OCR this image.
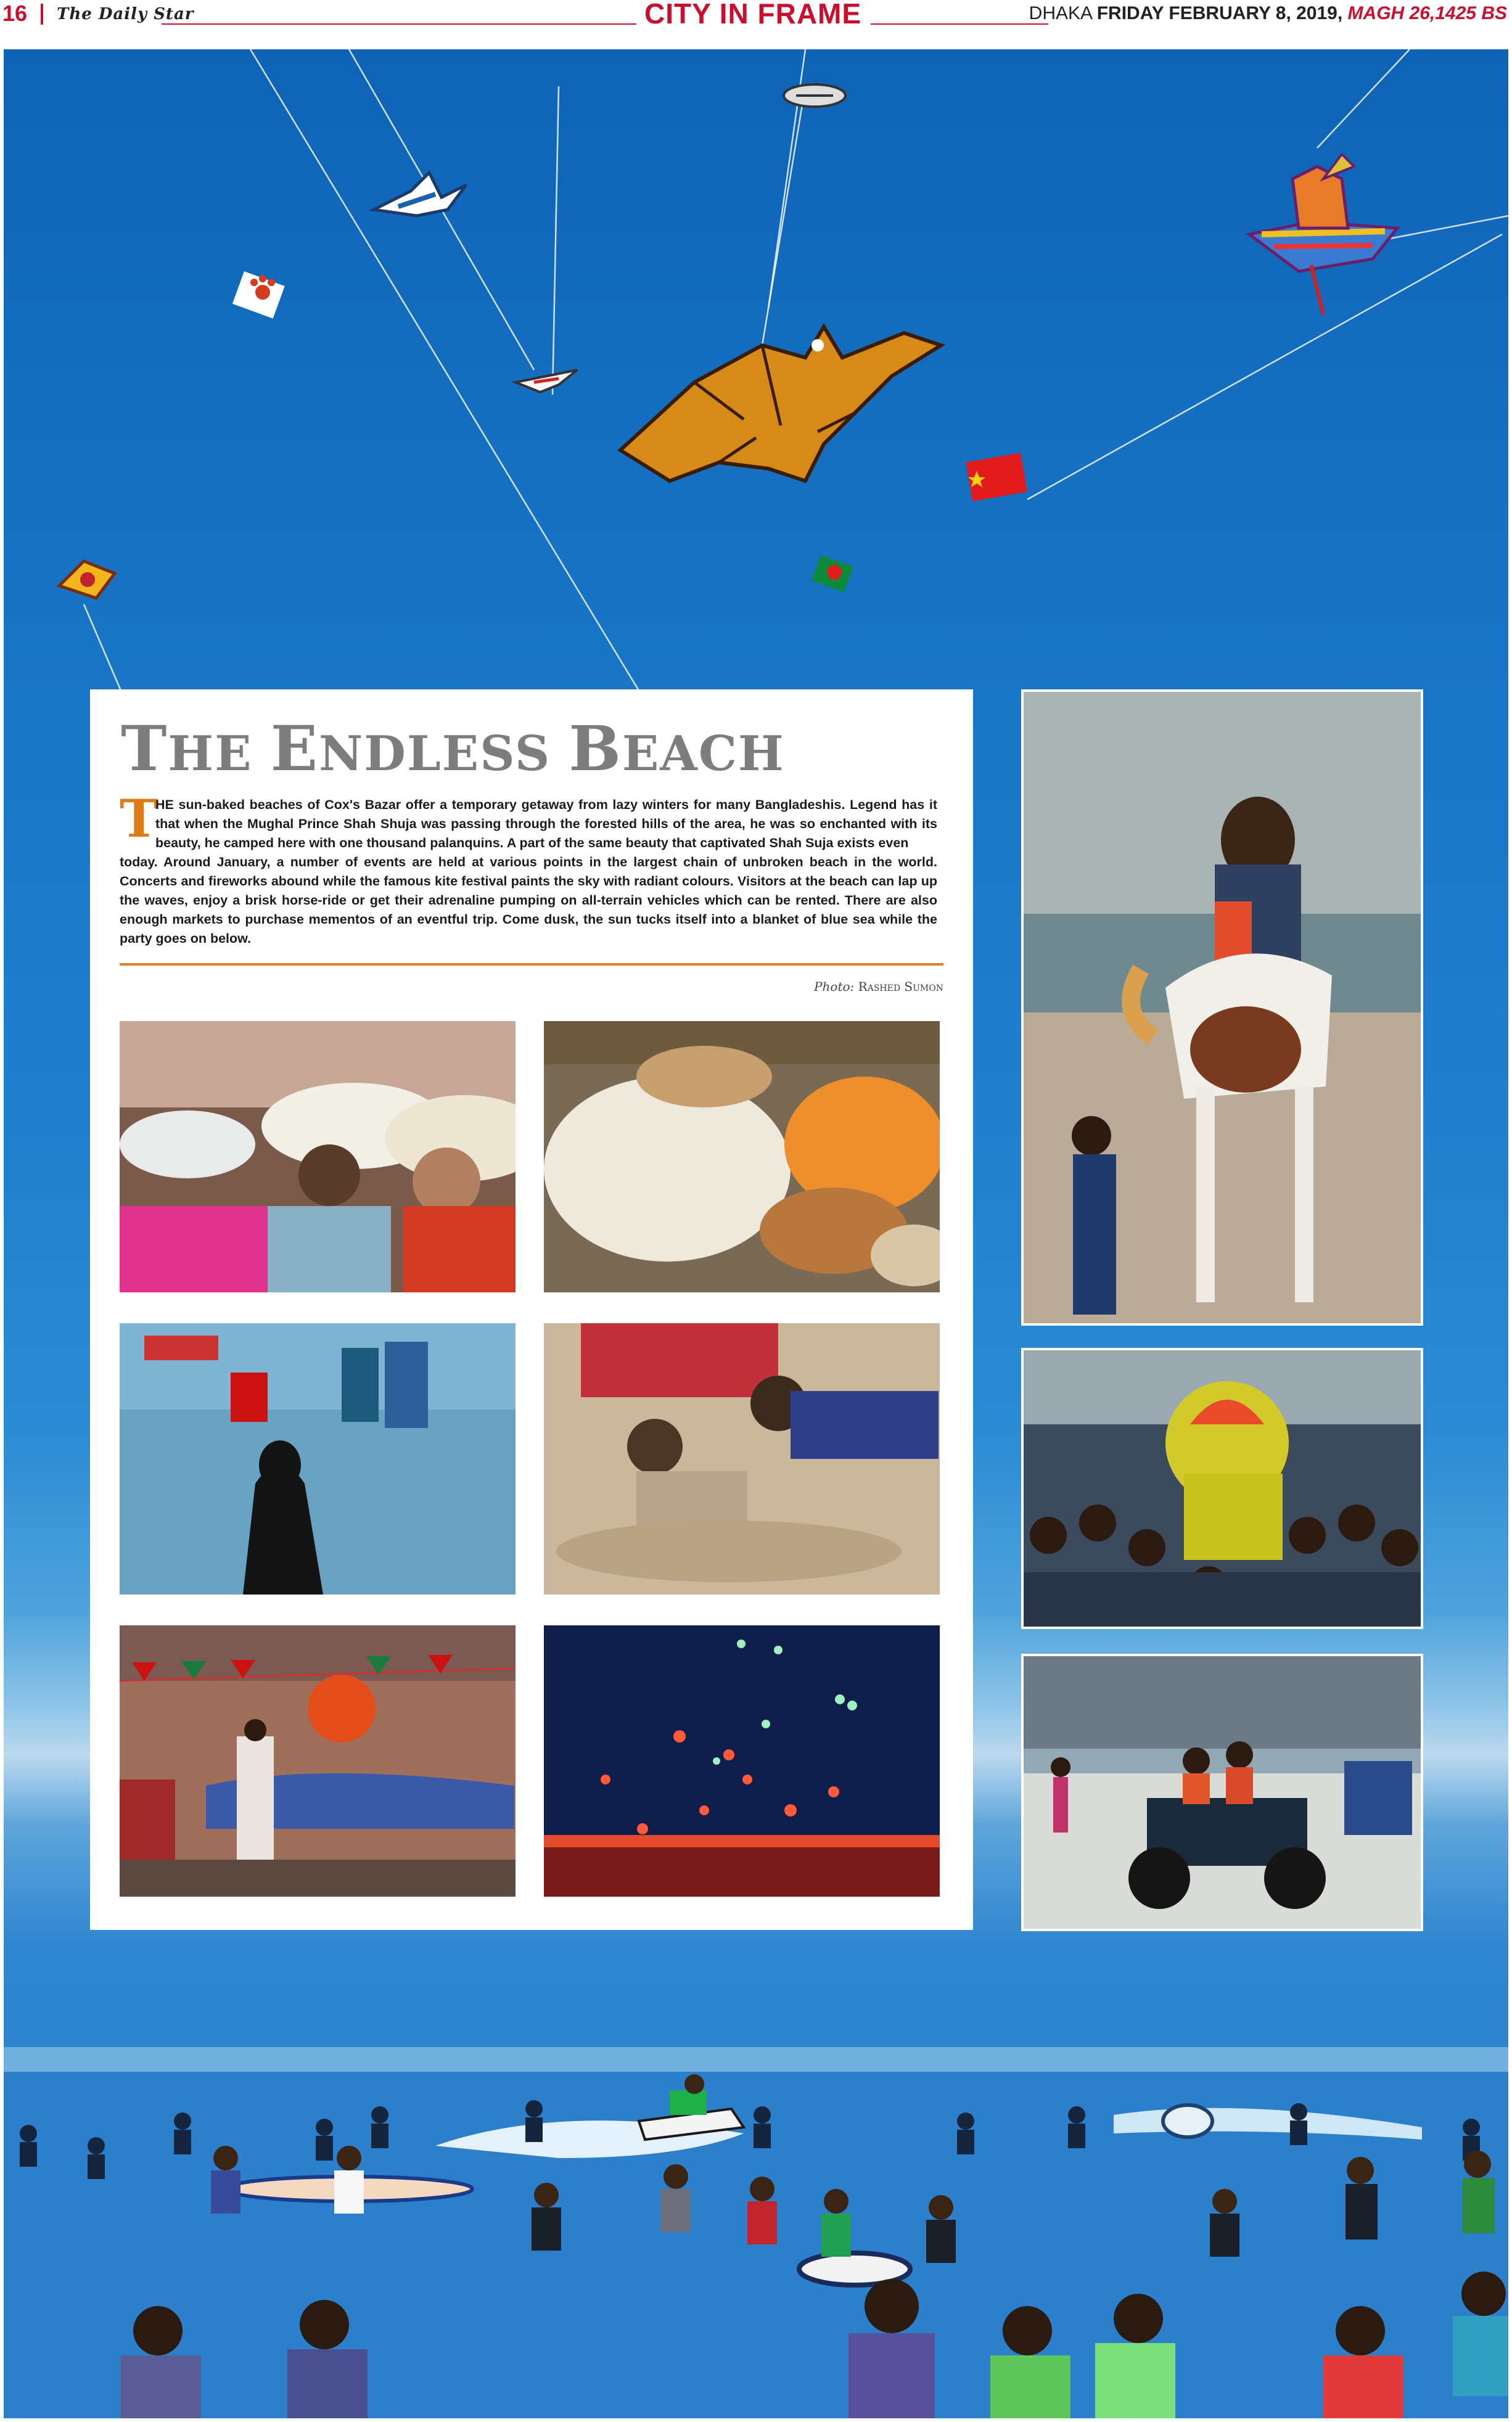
16 The Daily Star	CITY IN FRAME	DHAKA FRIDAY FEBRUARY 8, 2019, MAGH 26,1425 BS
THE ENDLESS BEACH
T
HE sun-baked beaches of Cox's Bazar offer a temporary getaway from lazy winters for many Bangladeshis. Legend has it that when the Mughal Prince Shah Shuja was passing through the forested hills of the area, he was so enchanted with its beauty, he camped here with one thousand palanquins. A part of the same beauty that captivated Shah Suja exists even
today. Around January, a number of events are held at various points in the largest chain of unbroken beach in the world. Concerts and fireworks abound while the famous kite festival paints the sky with radiant colours. Visitors at the beach can lap up the waves, enjoy a brisk horse-ride or get their adrenaline pumping on all-terrain vehicles which can be rented. There are also enough markets to purchase mementos of an eventful trip. Come dusk, the sun tucks itself into a blanket of blue sea while the party goes on below.
Photo: Rashed Sumon
